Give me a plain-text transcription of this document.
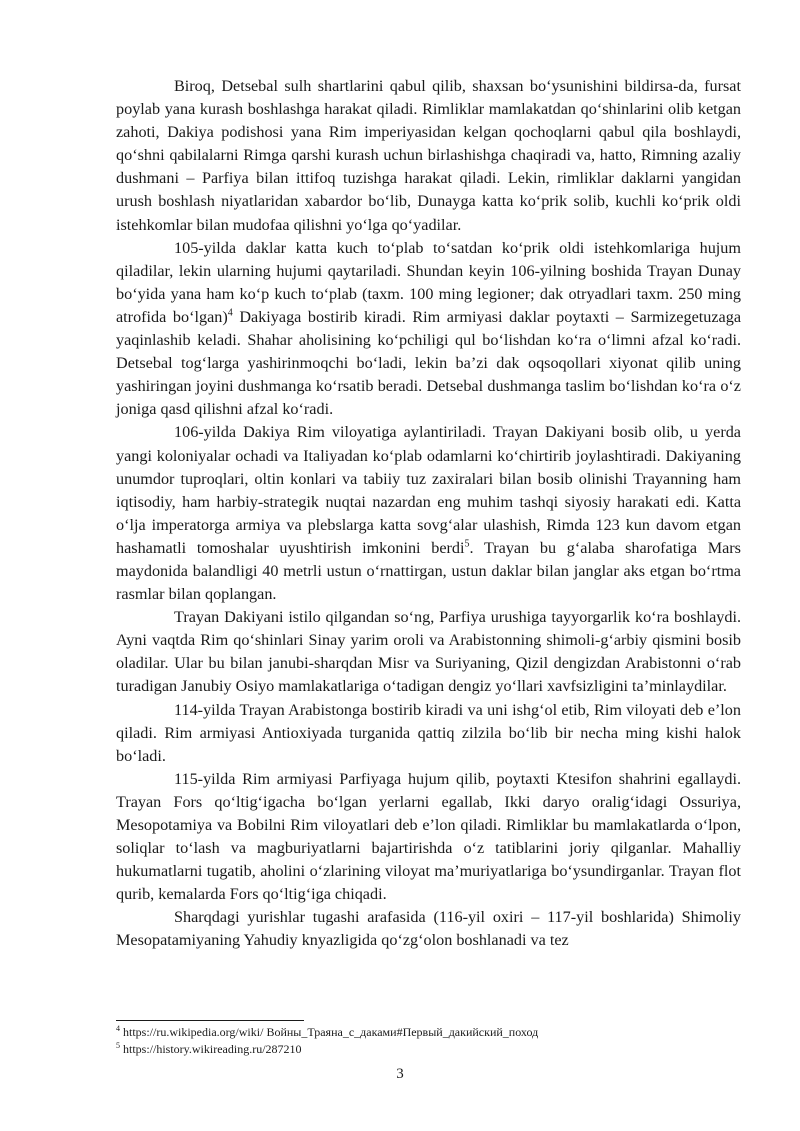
Biroq, Detsebal sulh shartlarini qabul qilib, shaxsan bo‘ysunishini bildirsa-da, fursat poylab yana kurash boshlashga harakat qiladi. Rimliklar mamlakatdan qo‘shinlarini olib ketgan zahoti, Dakiya podishosi yana Rim imperiyasidan kelgan qochoqlarni qabul qila boshlaydi, qo‘shni qabilalarni Rimga qarshi kurash uchun birlashishga chaqiradi va, hatto, Rimning azaliy dushmani – Parfiya bilan ittifoq tuzishga harakat qiladi. Lekin, rimliklar daklarni yangidan urush boshlash niyatlaridan xabardor bo‘lib, Dunayga katta ko‘prik solib, kuchli ko‘prik oldi istehkomlar bilan mudofaa qilishni yo‘lga qo‘yadilar.

105-yilda daklar katta kuch to‘plab to‘satdan ko‘prik oldi istehkomlariga hujum qiladilar, lekin ularning hujumi qaytariladi. Shundan keyin 106-yilning boshida Trayan Dunay bo‘yida yana ham ko‘p kuch to‘plab (taxm. 100 ming legioner; dak otryadlari taxm. 250 ming atrofida bo‘lgan)$^4$ Dakiyaga bostirib kiradi. Rim armiyasi daklar poytaxti – Sarmizegetuzaga yaqinlashib keladi. Shahar aholisining ko‘pchiligi qul bo‘lishdan ko‘ra o‘limni afzal ko‘radi. Detsebal tog‘larga yashirinmoqchi bo‘ladi, lekin ba’zi dak oqsoqollari xiyonat qilib uning yashiringan joyini dushmanga ko‘rsatib beradi. Detsebal dushmanga taslim bo‘lishdan ko‘ra o‘z joniga qasd qilishni afzal ko‘radi.

106-yilda Dakiya Rim viloyatiga aylantiriladi. Trayan Dakiyani bosib olib, u yerda yangi koloniyalar ochadi va Italiyadan ko‘plab odamlarni ko‘chirtirib joylashtiradi. Dakiyaning unumdor tuproqlari, oltin konlari va tabiiy tuz zaxiralari bilan bosib olinishi Trayanning ham iqtisodiy, ham harbiy-strategik nuqtai nazardan eng muhim tashqi siyosiy harakati edi. Katta o‘lja imperatorga armiya va plebslarga katta sovg‘alar ulashish, Rimda 123 kun davom etgan hashamatli tomoshalar uyushtirish imkonini berdi$^5$. Trayan bu g‘alaba sharofatiga Mars maydonida balandligi 40 metrli ustun o‘rnattirgan, ustun daklar bilan janglar aks etgan bo‘rtma rasmlar bilan qoplangan.

Trayan Dakiyani istilo qilgandan so‘ng, Parfiya urushiga tayyorgarlik ko‘ra boshlaydi. Ayni vaqtda Rim qo‘shinlari Sinay yarim oroli va Arabistonning shimoli-g‘arbiy qismini bosib oladilar. Ular bu bilan janubi-sharqdan Misr va Suriyaning, Qizil dengizdan Arabistonni o‘rab turadigan Janubiy Osiyo mamlakatlariga o‘tadigan dengiz yo‘llari xavfsizligini ta’minlaydilar.

114-yilda Trayan Arabistonga bostirib kiradi va uni ishg‘ol etib, Rim viloyati deb e’lon qiladi. Rim armiyasi Antioxiyada turganida qattiq zilzila bo‘lib bir necha ming kishi halok bo‘ladi.

115-yilda Rim armiyasi Parfiyaga hujum qilib, poytaxti Ktesifon shahrini egallaydi. Trayan Fors qo‘ltig‘igacha bo‘lgan yerlarni egallab, Ikki daryo oralig‘idagi Ossuriya, Mesopotamiya va Bobilni Rim viloyatlari deb e’lon qiladi. Rimliklar bu mamlakatlarda o‘lpon, soliqlar to‘lash va magburiyatlarni bajartirishda o‘z tatiblarini joriy qilganlar. Mahalliy hukumatlarni tugatib, aholini o‘zlarining viloyat ma’muriyatlariga bo‘ysundirganlar. Trayan flot qurib, kemalarda Fors qo‘ltig‘iga chiqadi.

Sharqdagi yurishlar tugashi arafasida (116-yil oxiri – 117-yil boshlarida) Shimoliy Mesopatamiyaning Yahudiy knyazligida qo‘zg‘olon boshlanadi va tez

$^4$ https://ru.wikipedia.org/wiki/ Войны_Траяна_с_даками#Первый_дакийский_поход

$^5$ https://history.wikireading.ru/287210

3
